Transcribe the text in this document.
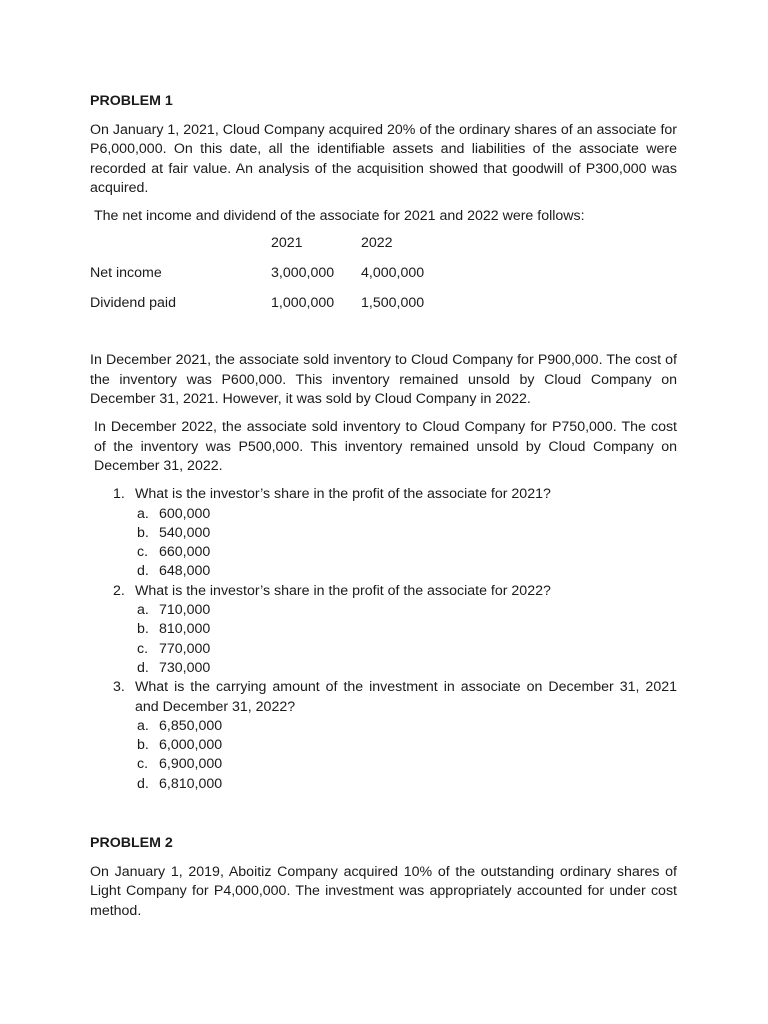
PROBLEM 1

On January 1, 2021, Cloud Company acquired 20% of the ordinary shares of an associate for P6,000,000. On this date, all the identifiable assets and liabilities of the associate were recorded at fair value. An analysis of the acquisition showed that goodwill of P300,000 was acquired.

The net income and dividend of the associate for 2021 and 2022 were follows:

	2021	2022
Net income	3,000,000	4,000,000
Dividend paid	1,000,000	1,500,000

In December 2021, the associate sold inventory to Cloud Company for P900,000. The cost of the inventory was P600,000. This inventory remained unsold by Cloud Company on December 31, 2021. However, it was sold by Cloud Company in 2022.

In December 2022, the associate sold inventory to Cloud Company for P750,000. The cost of the inventory was P500,000. This inventory remained unsold by Cloud Company on December 31, 2022.

1. What is the investor’s share in the profit of the associate for 2021?
a. 600,000
b. 540,000
c. 660,000
d. 648,000
2. What is the investor’s share in the profit of the associate for 2022?
a. 710,000
b. 810,000
c. 770,000
d. 730,000
3. What is the carrying amount of the investment in associate on December 31, 2021 and December 31, 2022?
a. 6,850,000
b. 6,000,000
c. 6,900,000
d. 6,810,000
PROBLEM 2

On January 1, 2019, Aboitiz Company acquired 10% of the outstanding ordinary shares of Light Company for P4,000,000. The investment was appropriately accounted for under cost method.
